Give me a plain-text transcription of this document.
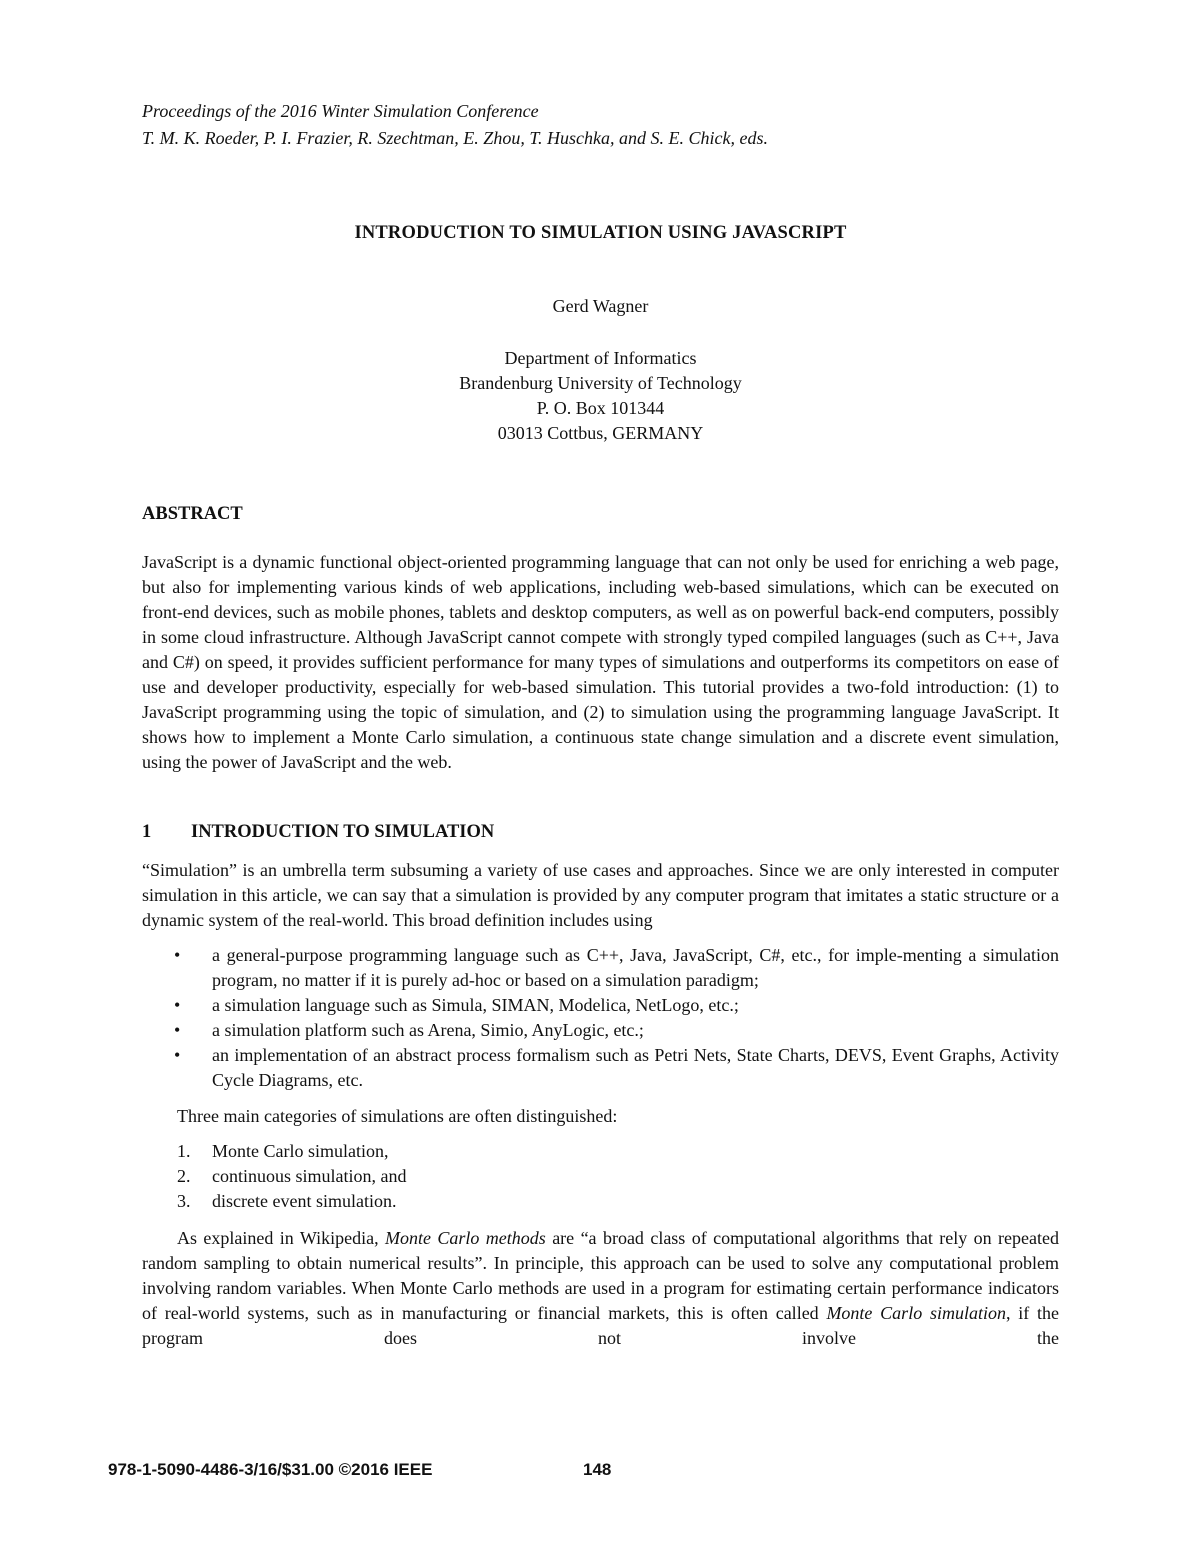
Proceedings of the 2016 Winter Simulation Conference
T. M. K. Roeder, P. I. Frazier, R. Szechtman, E. Zhou, T. Huschka, and S. E. Chick, eds.
INTRODUCTION TO SIMULATION USING JAVASCRIPT
Gerd Wagner
Department of Informatics
Brandenburg University of Technology
P. O. Box 101344
03013 Cottbus, GERMANY
ABSTRACT

JavaScript is a dynamic functional object-oriented programming language that can not only be used for enriching a web page, but also for implementing various kinds of web applications, including web-based simulations, which can be executed on front-end devices, such as mobile phones, tablets and desktop computers, as well as on powerful back-end computers, possibly in some cloud infrastructure. Although JavaScript cannot compete with strongly typed compiled languages (such as C++, Java and C#) on speed, it provides sufficient performance for many types of simulations and outperforms its competitors on ease of use and developer productivity, especially for web-based simulation. This tutorial provides a two-fold introduction: (1) to JavaScript programming using the topic of simulation, and (2) to simulation using the programming language JavaScript. It shows how to implement a Monte Carlo simulation, a continuous state change simulation and a discrete event simulation, using the power of JavaScript and the web.

1	INTRODUCTION TO SIMULATION

“Simulation” is an umbrella term subsuming a variety of use cases and approaches. Since we are only interested in computer simulation in this article, we can say that a simulation is provided by any computer program that imitates a static structure or a dynamic system of the real-world. This broad definition includes using

• a general-purpose programming language such as C++, Java, JavaScript, C#, etc., for imple-menting a simulation program, no matter if it is purely ad-hoc or based on a simulation paradigm;
• a simulation language such as Simula, SIMAN, Modelica, NetLogo, etc.;
• a simulation platform such as Arena, Simio, AnyLogic, etc.;
• an implementation of an abstract process formalism such as Petri Nets, State Charts, DEVS, Event Graphs, Activity Cycle Diagrams, etc.

Three main categories of simulations are often distinguished:

1. Monte Carlo simulation,
2. continuous simulation, and
3. discrete event simulation.

As explained in Wikipedia, Monte Carlo methods are “a broad class of computational algorithms that rely on repeated random sampling to obtain numerical results”. In principle, this approach can be used to solve any computational problem involving random variables. When Monte Carlo methods are used in a program for estimating certain performance indicators of real-world systems, such as in manufacturing or financial markets, this is often called Monte Carlo simulation, if the program does not involve the

978-1-5090-4486-3/16/$31.00 ©2016 IEEE	148
